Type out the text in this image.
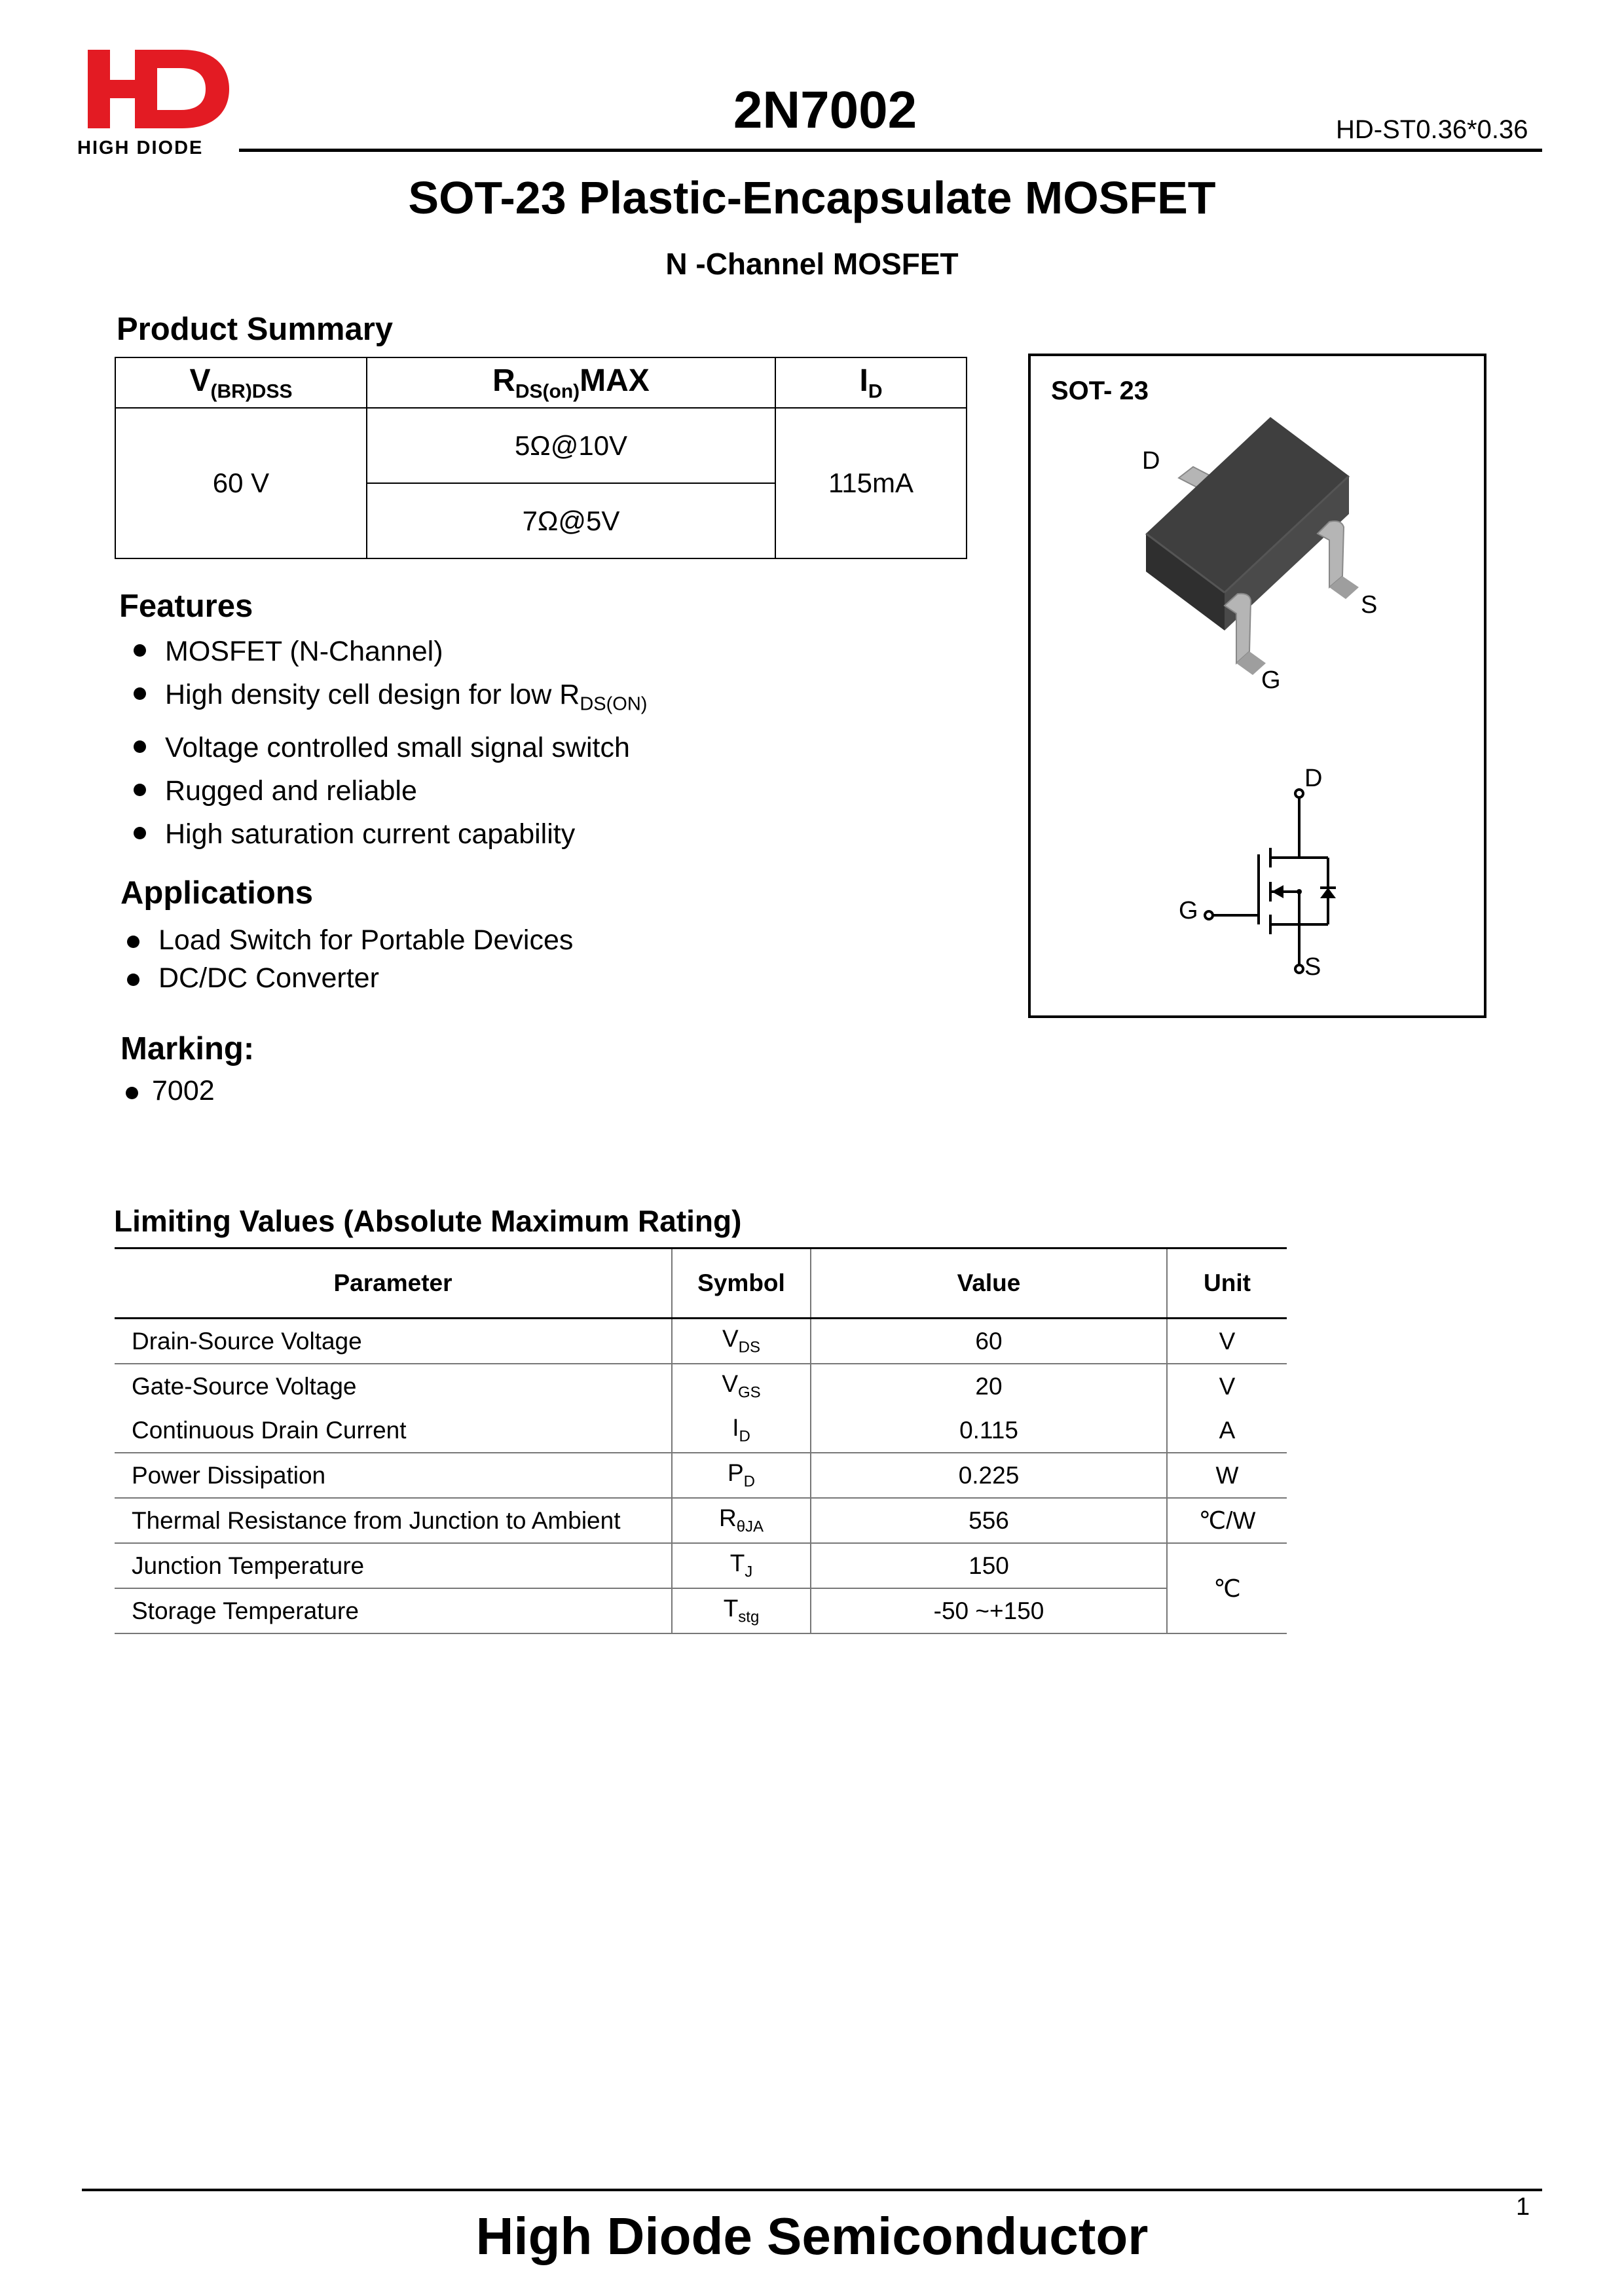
HIGH DIODE
2N7002	HD-ST0.36*0.36
SOT-23 Plastic-Encapsulate MOSFET
N -Channel MOSFET
Product Summary
$V_{(BR)DSS}$	$R_{DS(on)}MAX$	$I_D$
60 V	5Ω@10V	115mA
	7Ω@5V	
Features
MOSFET (N-Channel)
High density cell design for low $R_{DS(ON)}$
Voltage controlled small signal switch
Rugged and reliable
High saturation current capability
Applications
Load Switch for Portable Devices
DC/DC Converter
Marking:
7002
SOT- 23
D
S
G
D
G
S
Limiting Values (Absolute Maximum Rating)
Parameter	Symbol	Value	Unit
Drain-Source Voltage	$V_{DS}$	60	V
Gate-Source Voltage	$V_{GS}$	20	V
Continuous Drain Current	$I_D$	0.115	A
Power Dissipation	$P_D$	0.225	W
Thermal Resistance from Junction to Ambient	$R_{\theta JA}$	556	℃/W
Junction Temperature	$T_J$	150	℃
Storage Temperature	$T_{stg}$	-50 ~+150	
1
High Diode Semiconductor
